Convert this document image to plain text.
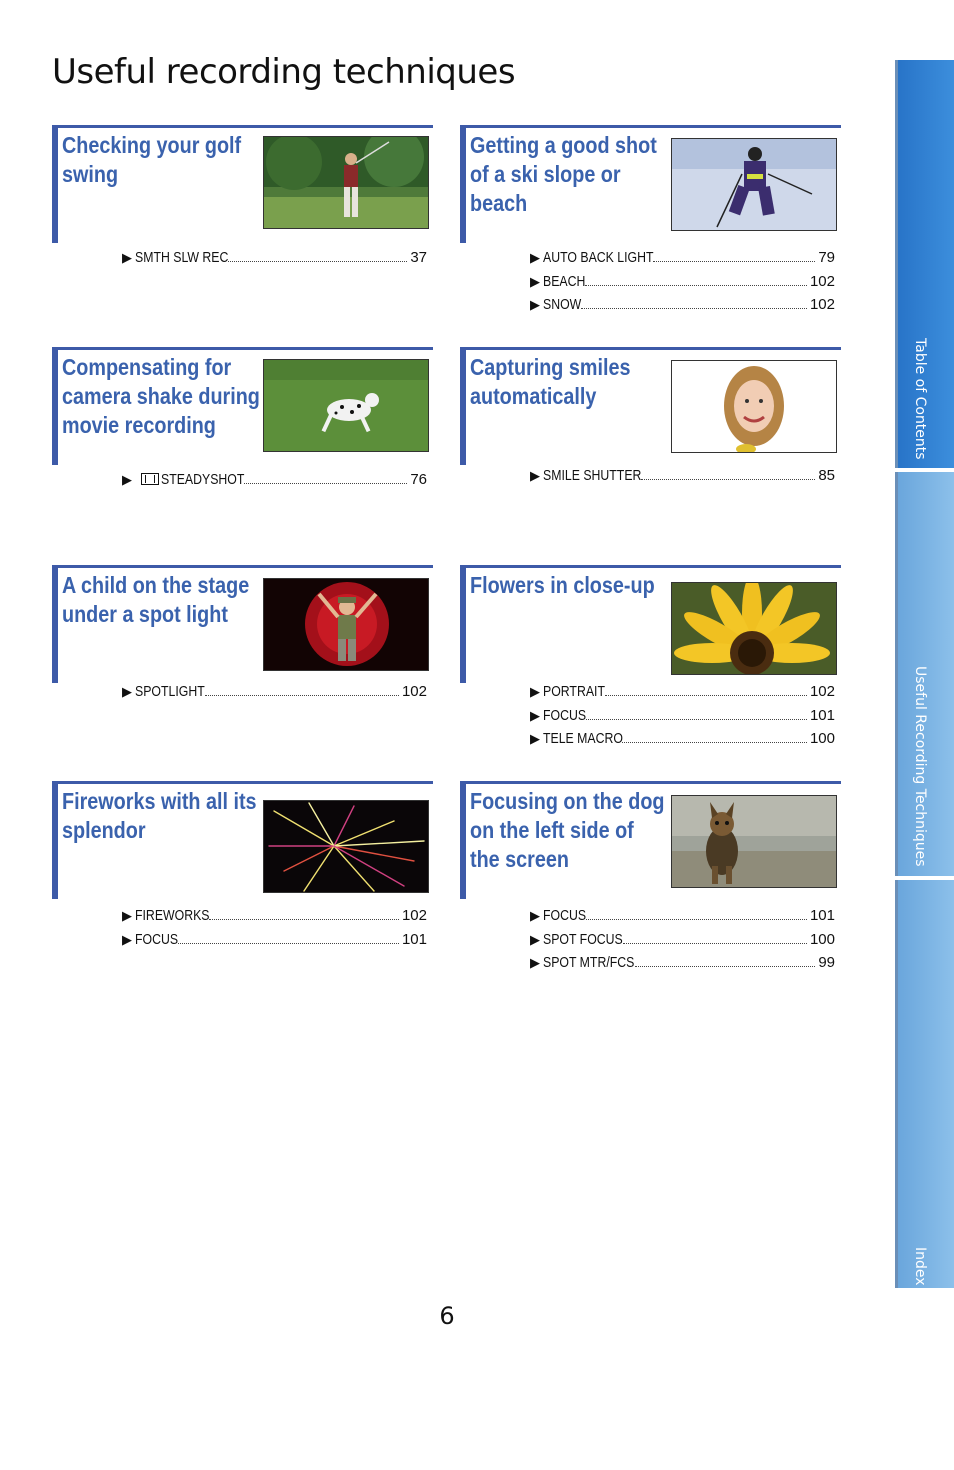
Useful recording techniques
Checking your golf
swing
▶ SMTH SLW REC	37
Getting a good shot
of a ski slope or
beach
▶ AUTO BACK LIGHT	79
▶ BEACH	102
▶ SNOW	102
Compensating for
camera shake during
movie recording
▶ STEADYSHOT	76
Capturing smiles
automatically
▶ SMILE SHUTTER	85
A child on the stage
under a spot light
▶ SPOTLIGHT	102
Flowers in close-up
▶ PORTRAIT	102
▶ FOCUS	101
▶ TELE MACRO	100
Fireworks with all its
splendor
▶ FIREWORKS	102
▶ FOCUS	101
Focusing on the dog
on the left side of
the screen
▶ FOCUS	101
▶ SPOT FOCUS	100
▶ SPOT MTR/FCS	99
Table of Contents
Useful Recording Techniques
Index
6
